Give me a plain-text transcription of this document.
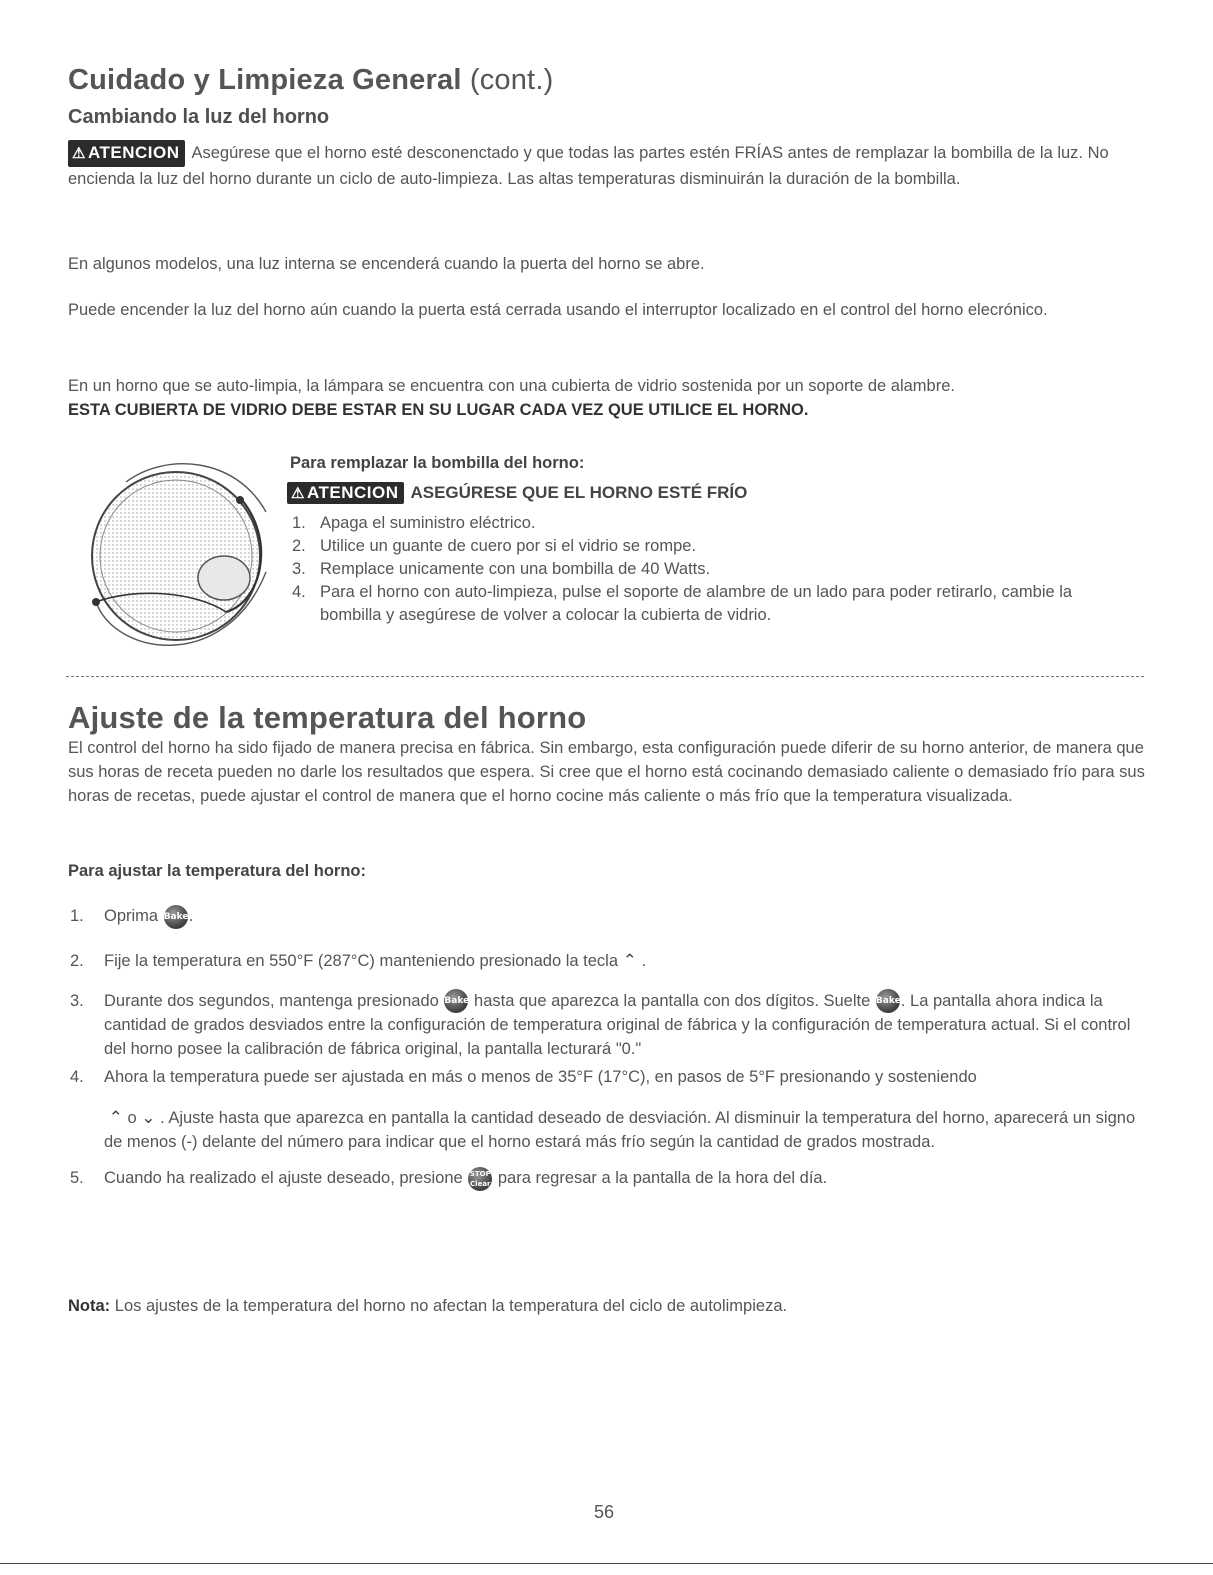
Cuidado y Limpieza General (cont.)
Cambiando la luz del horno
⚠ ATENCION Asegúrese que el horno esté desconenctado y que todas las partes estén FRÍAS antes de remplazar la bombilla de la luz. No encienda la luz del horno durante un ciclo de auto-limpieza. Las altas temperaturas disminuirán la duración de la bombilla.
En algunos modelos, una luz interna se encenderá cuando la puerta del horno se abre.
Puede encender la luz del horno aún cuando la puerta está cerrada usando el interruptor localizado en el control del horno elecrónico.
En un horno que se auto-limpia, la lámpara se encuentra con una cubierta de vidrio sostenida por un soporte de alambre.
ESTA CUBIERTA DE VIDRIO DEBE ESTAR EN SU LUGAR CADA VEZ QUE UTILICE EL HORNO.
Para remplazar la bombilla del horno:
⚠ ATENCION ASEGÚRESE QUE EL HORNO ESTÉ FRÍO
1. Apaga el suministro eléctrico.
2. Utilice un guante de cuero por si el vidrio se rompe.
3. Remplace unicamente con una bombilla de 40 Watts.
4. Para el horno con auto-limpieza, pulse el soporte de alambre de un lado para poder retirarlo, cambie la bombilla y asegúrese de volver a colocar la cubierta de vidrio.
Ajuste de la temperatura del horno
El control del horno ha sido fijado de manera precisa en fábrica. Sin embargo, esta configuración puede diferir de su horno anterior, de manera que sus horas de receta pueden no darle los resultados que espera. Si cree que el horno está cocinando demasiado caliente o demasiado frío para sus horas de recetas, puede ajustar el control de manera que el horno cocine más caliente o más frío que la temperatura visualizada.
Para ajustar la temperatura del horno:
1. Oprima Bake.
2. Fije la temperatura en 550°F (287°C) manteniendo presionado la tecla ⌃ .
3. Durante dos segundos, mantenga presionado Bake hasta que aparezca la pantalla con dos dígitos. Suelte Bake. La pantalla ahora indica la cantidad de grados desviados entre la configuración de temperatura original de fábrica y la configuración de temperatura actual. Si el control del horno posee la calibración de fábrica original, la pantalla lecturará "0."
4. Ahora la temperatura puede ser ajustada en más o menos de 35°F (17°C), en pasos de 5°F presionando y sosteniendo
⌃ o ⌄ . Ajuste hasta que aparezca en pantalla la cantidad deseado de desviación. Al disminuir la temperatura del horno, aparecerá un signo de menos (-) delante del número para indicar que el horno estará más frío según la cantidad de grados mostrada.
5. Cuando ha realizado el ajuste deseado, presione STOP Clear para regresar a la pantalla de la hora del día.
Nota: Los ajustes de la temperatura del horno no afectan la temperatura del ciclo de autolimpieza.
56
